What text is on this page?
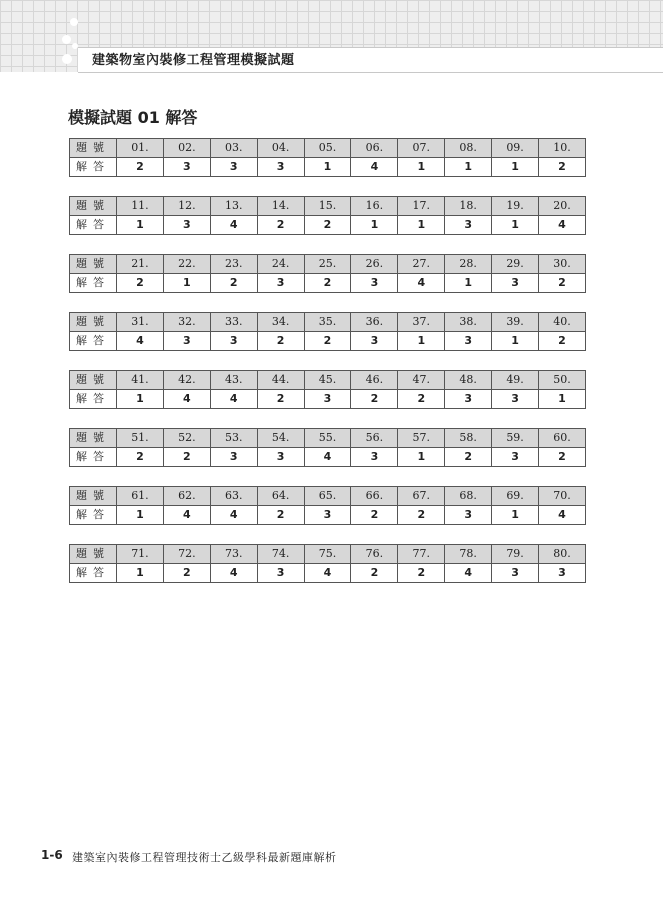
建築物室內裝修工程管理模擬試題
模擬試題 01 解答
題號	01.	02.	03.	04.	05.	06.	07.	08.	09.	10.
解答	2	3	3	3	1	4	1	1	1	2
題號	11.	12.	13.	14.	15.	16.	17.	18.	19.	20.
解答	1	3	4	2	2	1	1	3	1	4
題號	21.	22.	23.	24.	25.	26.	27.	28.	29.	30.
解答	2	1	2	3	2	3	4	1	3	2
題號	31.	32.	33.	34.	35.	36.	37.	38.	39.	40.
解答	4	3	3	2	2	3	1	3	1	2
題號	41.	42.	43.	44.	45.	46.	47.	48.	49.	50.
解答	1	4	4	2	3	2	2	3	3	1
題號	51.	52.	53.	54.	55.	56.	57.	58.	59.	60.
解答	2	2	3	3	4	3	1	2	3	2
題號	61.	62.	63.	64.	65.	66.	67.	68.	69.	70.
解答	1	4	4	2	3	2	2	3	1	4
題號	71.	72.	73.	74.	75.	76.	77.	78.	79.	80.
解答	1	2	4	3	4	2	2	4	3	3
1-6 建築室內裝修工程管理技術士乙級學科最新題庫解析
